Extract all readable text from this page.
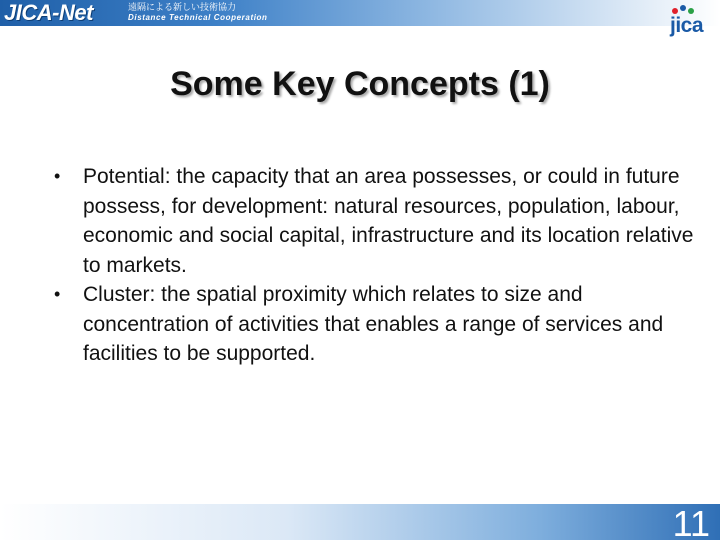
JICA-Net	遠隔による新しい技術協力
Distance Technical Cooperation	jica
Some Key Concepts (1)
• Potential: the capacity that an area possesses, or could in future possess, for development: natural resources, population, labour, economic and social capital, infrastructure and its location relative to markets.
• Cluster: the spatial proximity which relates to size and concentration of activities that enables a range of services and facilities to be supported.
11
